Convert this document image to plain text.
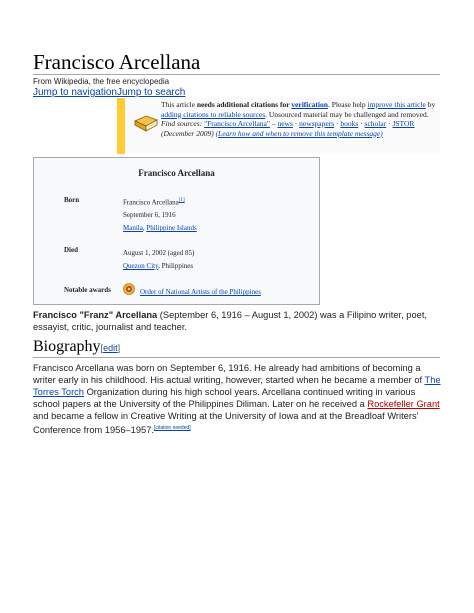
Francisco Arcellana
From Wikipedia, the free encyclopedia
Jump to navigationJump to search
This article needs additional citations for verification. Please help improve this article by adding citations to reliable sources. Unsourced material may be challenged and removed.
Find sources: "Francisco Arcellana" – news · newspapers · books · scholar · JSTOR (December 2009) (Learn how and when to remove this template message)
Francisco Arcellana
Born	Francisco Arcellana[1]
September 6, 1916
Manila, Philippine Islands
Died	August 1, 2002 (aged 85)
Quezon City, Philippines
Notable awards	Order of National Artists of the Philippines
Francisco "Franz" Arcellana (September 6, 1916 – August 1, 2002) was a Filipino writer, poet, essayist, critic, journalist and teacher.
Biography[edit]
Francisco Arcellana was born on September 6, 1916. He already had ambitions of becoming a writer early in his childhood. His actual writing, however, started when he became a member of The Torres Torch Organization during his high school years. Arcellana continued writing in various school papers at the University of the Philippines Diliman. Later on he received a Rockefeller Grant and became a fellow in Creative Writing at the University of Iowa and at the Breadloaf Writers' Conference from 1956–1957.[citation needed]
